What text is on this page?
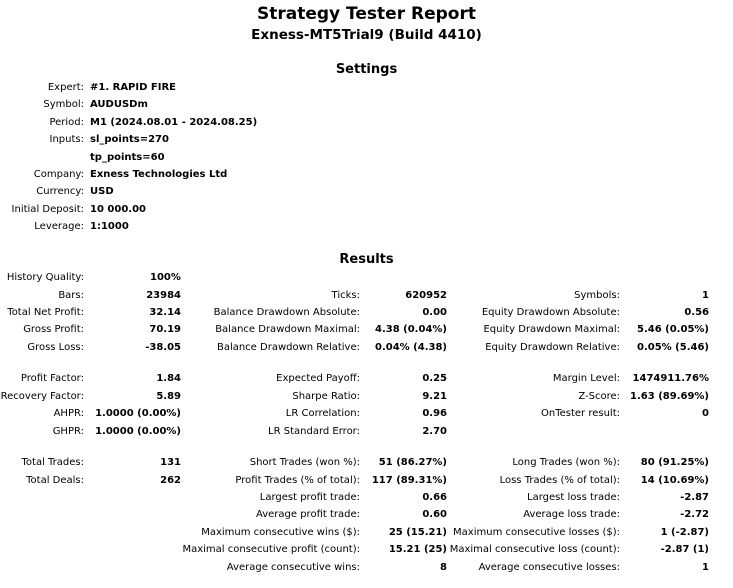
Strategy Tester Report
Exness-MT5Trial9 (Build 4410)
Settings
Expert: #1. RAPID FIRE
Symbol: AUDUSDm
Period: M1 (2024.08.01 - 2024.08.25)
Inputs: sl_points=270
tp_points=60
Company: Exness Technologies Ltd
Currency: USD
Initial Deposit: 10 000.00
Leverage: 1:1000
Results
History Quality:	100%
Bars:	23984	Ticks:	620952	Symbols:	1
Total Net Profit:	32.14	Balance Drawdown Absolute:	0.00	Equity Drawdown Absolute:	0.56
Gross Profit:	70.19	Balance Drawdown Maximal: 4.38 (0.04%)	Equity Drawdown Maximal: 5.46 (0.05%)
Gross Loss:	-38.05	Balance Drawdown Relative: 0.04% (4.38)	Equity Drawdown Relative: 0.05% (5.46)
Profit Factor:	1.84	Expected Payoff:	0.25	Margin Level: 1474911.76%
Recovery Factor:	5.89	Sharpe Ratio:	9.21	Z-Score: 1.63 (89.69%)
AHPR: 1.0000 (0.00%)	LR Correlation:	0.96	OnTester result:	0
GHPR: 1.0000 (0.00%)	LR Standard Error:	2.70
Total Trades:	131	Short Trades (won %): 51 (86.27%)	Long Trades (won %): 80 (91.25%)
Total Deals:	262	Profit Trades (% of total): 117 (89.31%)	Loss Trades (% of total): 14 (10.69%)
Largest profit trade:	0.66	Largest loss trade:	-2.87
Average profit trade:	0.60	Average loss trade:	-2.72
Maximum consecutive wins ($):	25 (15.21) Maximum consecutive losses ($):	1 (-2.87)
Maximal consecutive profit (count):	15.21 (25) Maximal consecutive loss (count):	-2.87 (1)
Average consecutive wins:	8	Average consecutive losses:	1
